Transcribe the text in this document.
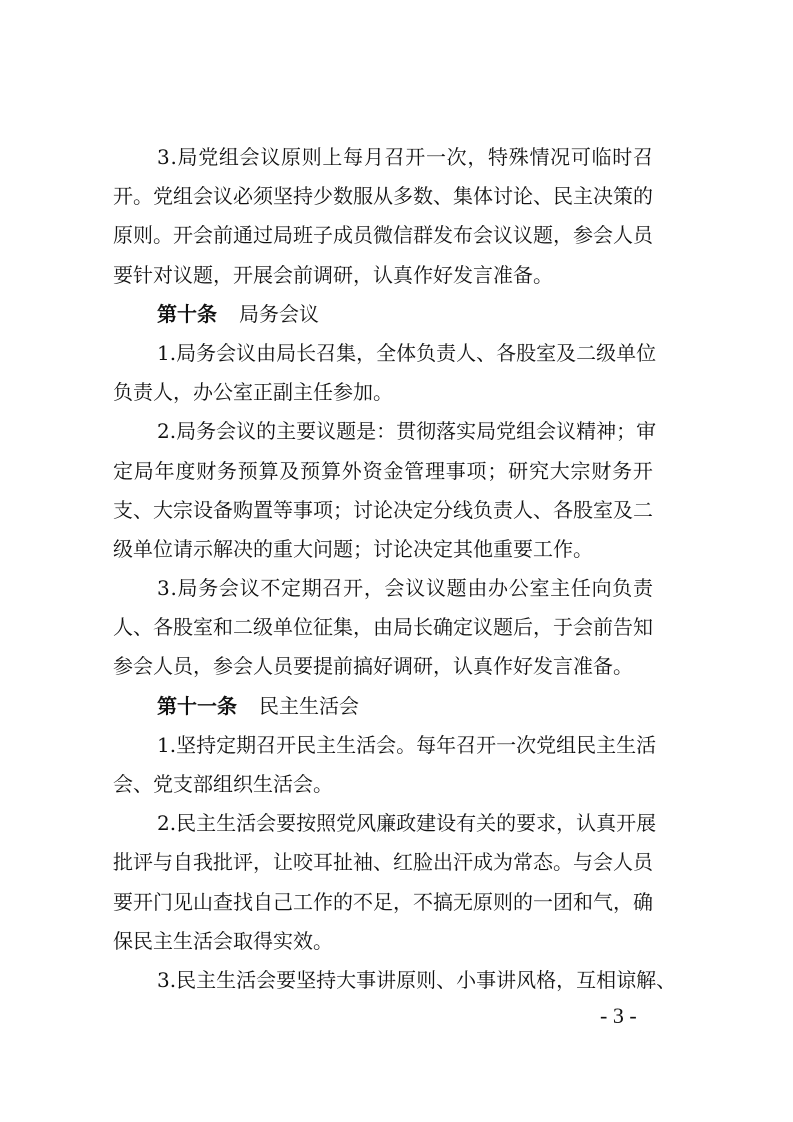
3 . 局 党 组 会 议 原 则 上 每 月 召 开 一 次 ， 特 殊 情 况 可 临 时 召
开 。 党 组 会 议 必 须 坚 持 少 数 服 从 多 数 、 集 体 讨 论 、 民 主 决 策 的
原 则 。 开 会 前 通 过 局 班 子 成 员 微 信 群 发 布 会 议 议 题 ， 参 会 人 员
要针对议题，开展会前调研，认真作好发言准备。
第十条 局务会议
1 . 局 务 会 议 由 局 长 召 集 ， 全 体 负 责 人 、 各 股 室 及 二 级 单 位
负责人，办公室正副主任参加。
2 . 局 务 会 议 的 主 要 议 题 是 ： 贯 彻 落 实 局 党 组 会 议 精 神 ； 审
定 局 年 度 财 务 预 算 及 预 算 外 资 金 管 理 事 项 ； 研 究 大 宗 财 务 开
支 、 大 宗 设 备 购 置 等 事 项 ； 讨 论 决 定 分 线 负 责 人 、 各 股 室 及 二
级单位请示解决的重大问题；讨论决定其他重要工作。
3 . 局 务 会 议 不 定 期 召 开 ， 会 议 议 题 由 办 公 室 主 任 向 负 责
人 、 各 股 室 和 二 级 单 位 征 集 ， 由 局 长 确 定 议 题 后 ， 于 会 前 告 知
参会人员，参会人员要提前搞好调研，认真作好发言准备。
第十一条 民主生活会
1 . 坚 持 定 期 召 开 民 主 生 活 会 。 每 年 召 开 一 次 党 组 民 主 生 活
会、党支部组织生活会。
2 . 民 主 生 活 会 要 按 照 党 风 廉 政 建 设 有 关 的 要 求 ， 认 真 开 展
批 评 与 自 我 批 评 ， 让 咬 耳 扯 袖 、 红 脸 出 汗 成 为 常 态 。 与 会 人 员
要 开 门 见 山 查 找 自 己 工 作 的 不 足 ， 不 搞 无 原 则 的 一 团 和 气 ， 确
保民主生活会取得实效。
3 . 民 主 生 活 会 要 坚 持 大 事 讲 原 则 、 小 事 讲 风 格 ， 互 相 谅 解 、
- 3 -
